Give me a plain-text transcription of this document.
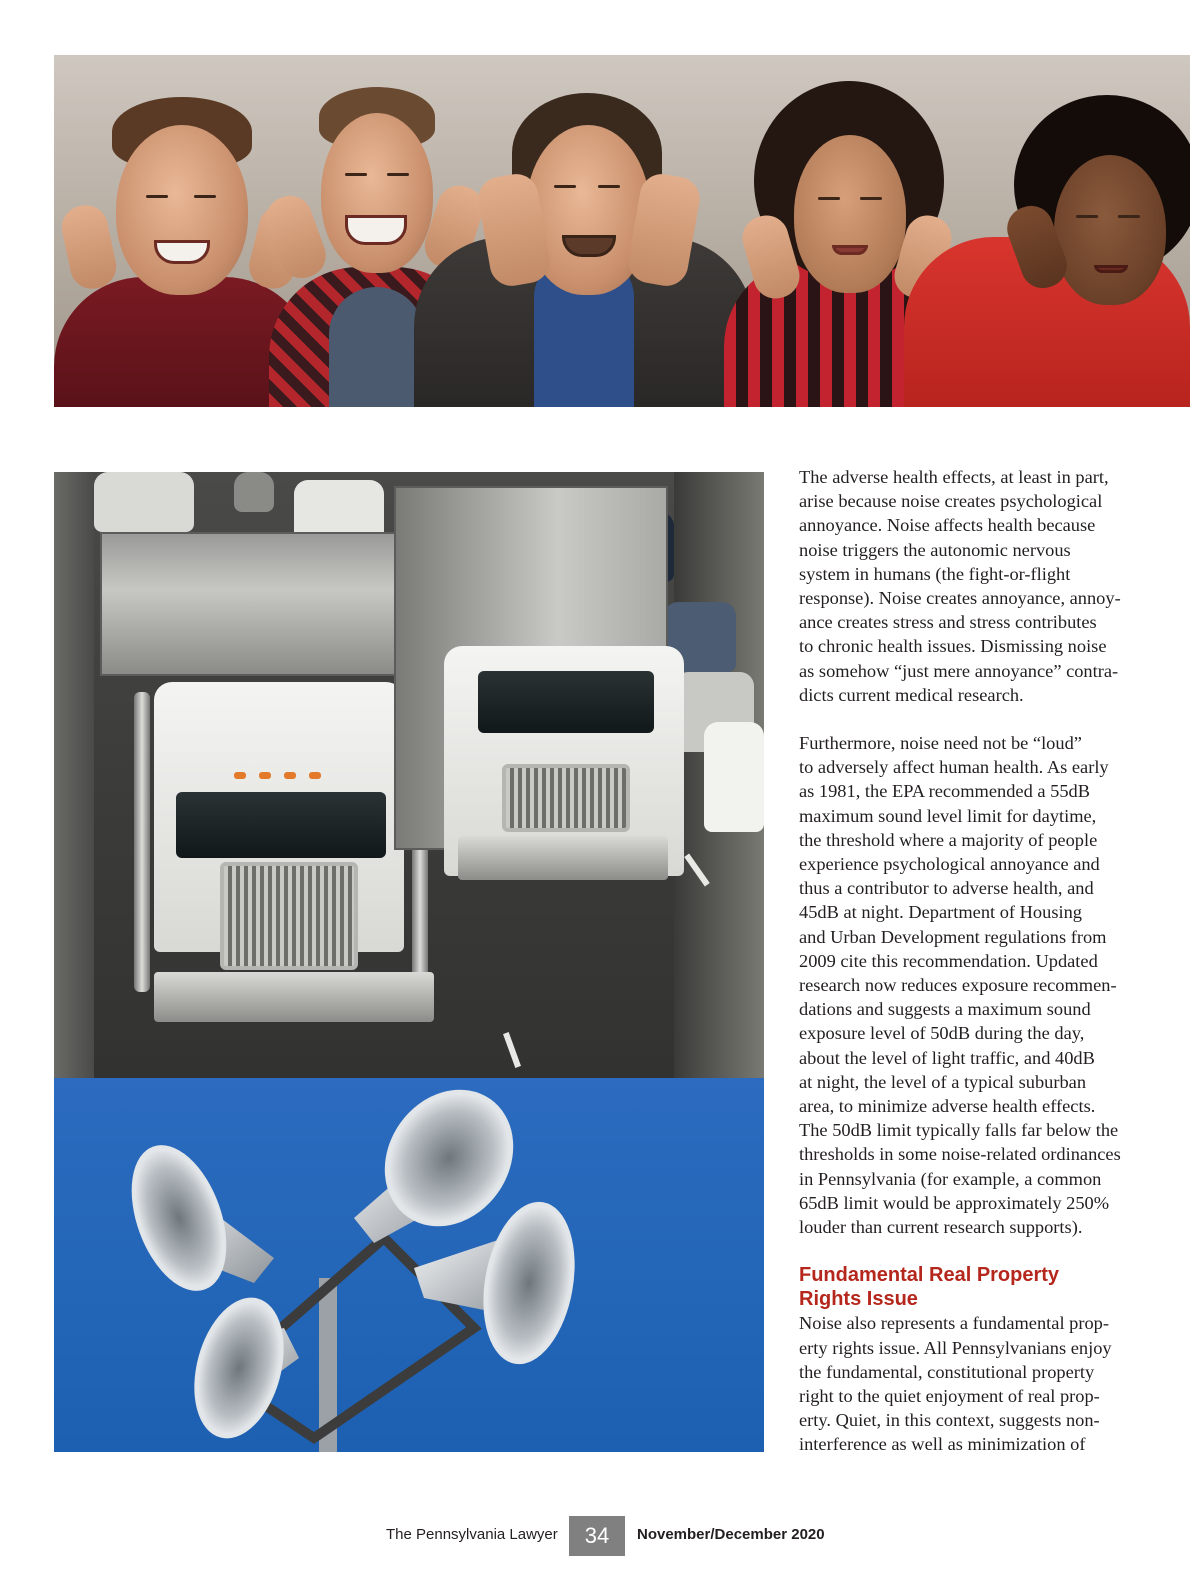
The adverse health effects, at least in part,
arise because noise creates psychological
annoyance. Noise affects health because
noise triggers the autonomic nervous
system in humans (the fight-or-flight
response). Noise creates annoyance, annoy-
ance creates stress and stress contributes
to chronic health issues. Dismissing noise
as somehow “just mere annoyance” contra-
dicts current medical research.

Furthermore, noise need not be “loud”
to adversely affect human health. As early
as 1981, the EPA recommended a 55dB
maximum sound level limit for daytime,
the threshold where a majority of people
experience psychological annoyance and
thus a contributor to adverse health, and
45dB at night. Department of Housing
and Urban Development regulations from
2009 cite this recommendation. Updated
research now reduces exposure recommen-
dations and suggests a maximum sound
exposure level of 50dB during the day,
about the level of light traffic, and 40dB
at night, the level of a typical suburban
area, to minimize adverse health effects.
The 50dB limit typically falls far below the
thresholds in some noise-related ordinances
in Pennsylvania (for example, a common
65dB limit would be approximately 250%
louder than current research supports).

Fundamental Real Property
Rights Issue

Noise also represents a fundamental prop-
erty rights issue. All Pennsylvanians enjoy
the fundamental, constitutional property
right to the quiet enjoyment of real prop-
erty. Quiet, in this context, suggests non-
interference as well as minimization of

The Pennsylvania Lawyer	34	November/December 2020
